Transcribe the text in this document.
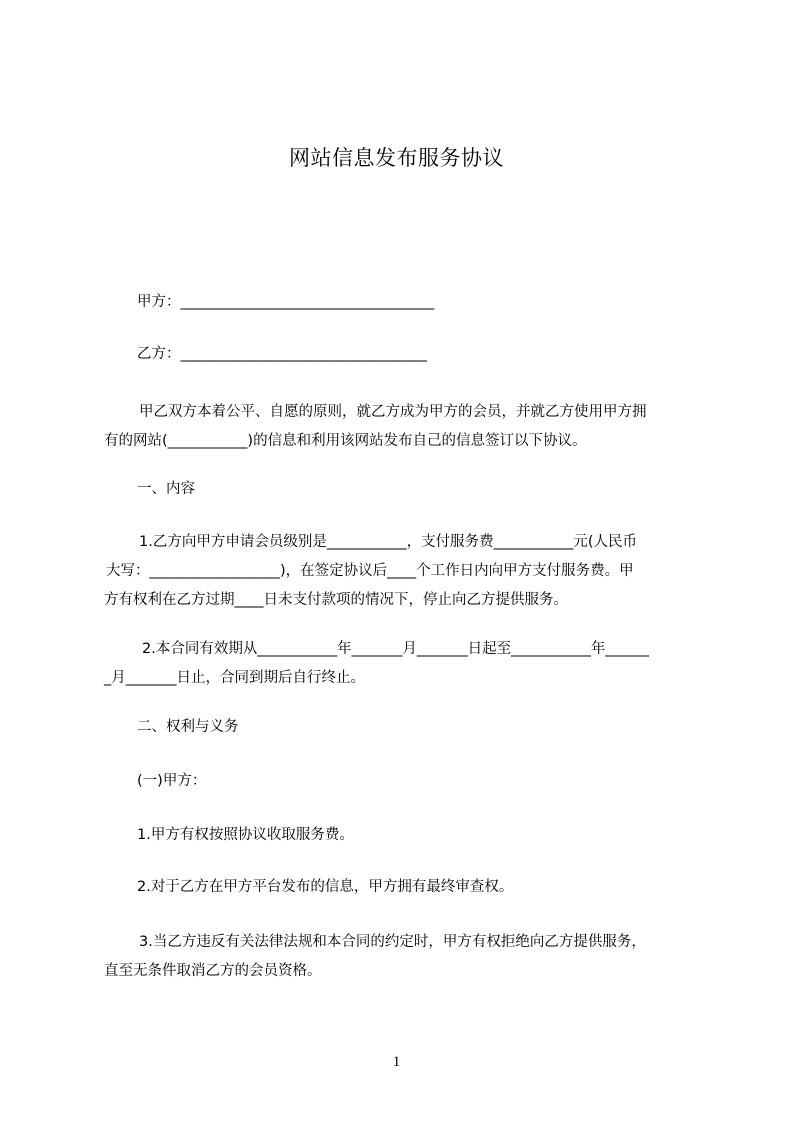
网站信息发布服务协议
甲方：___________________________________
乙方：__________________________________
甲乙双方本着公平、自愿的原则，就乙方成为甲方的会员，并就乙方使用甲方拥
有的网站(___________)的信息和利用该网站发布自己的信息签订以下协议。
一、内容
1.乙方向甲方申请会员级别是___________，支付服务费___________元(人民币
大写：__________________)，在签定协议后____个工作日内向甲方支付服务费。甲
方有权利在乙方过期____日未支付款项的情况下，停止向乙方提供服务。
2.本合同有效期从___________年_______月_______日起至___________年______
_月_______日止，合同到期后自行终止。
二、权利与义务
(一)甲方：
1.甲方有权按照协议收取服务费。
2.对于乙方在甲方平台发布的信息，甲方拥有最终审查权。
3.当乙方违反有关法律法规和本合同的约定时，甲方有权拒绝向乙方提供服务，
直至无条件取消乙方的会员资格。
1
